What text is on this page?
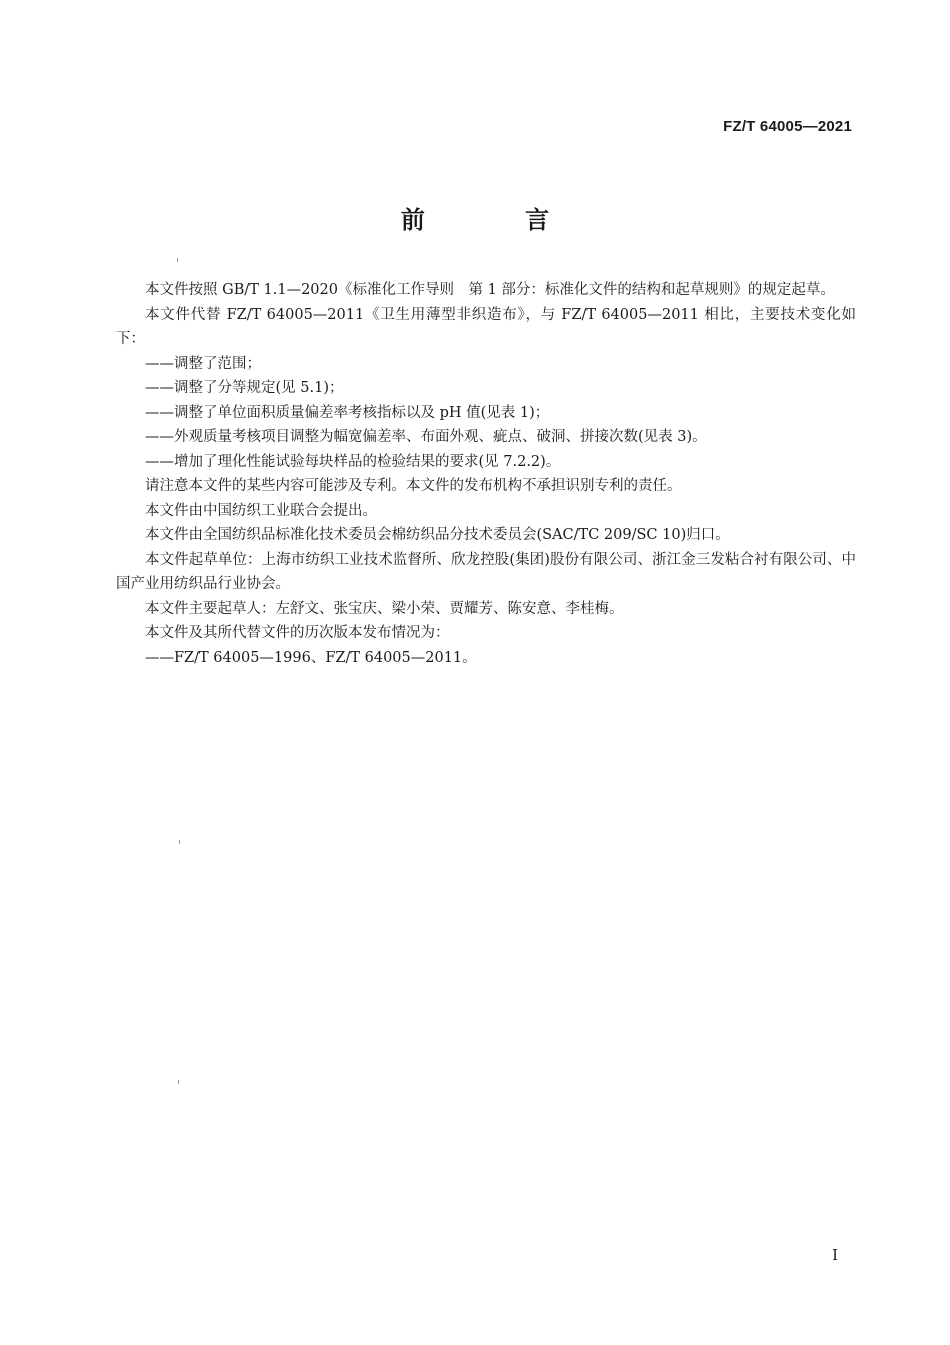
FZ/T 64005—2021
前 言

本文件按照 GB/T 1.1—2020《标准化工作导则　第 1 部分：标准化文件的结构和起草规则》的规定起草。

本文件代替 FZ/T 64005—2011《卫生用薄型非织造布》，与 FZ/T 64005—2011 相比，主要技术变化如下：

——调整了范围；

——调整了分等规定(见 5.1)；

——调整了单位面积质量偏差率考核指标以及 pH 值(见表 1)；

——外观质量考核项目调整为幅宽偏差率、布面外观、疵点、破洞、拼接次数(见表 3)。

——增加了理化性能试验每块样品的检验结果的要求(见 7.2.2)。

请注意本文件的某些内容可能涉及专利。本文件的发布机构不承担识别专利的责任。

本文件由中国纺织工业联合会提出。

本文件由全国纺织品标准化技术委员会棉纺织品分技术委员会(SAC/TC 209/SC 10)归口。

本文件起草单位：上海市纺织工业技术监督所、欣龙控股(集团)股份有限公司、浙江金三发粘合衬有限公司、中国产业用纺织品行业协会。

本文件主要起草人：左舒文、张宝庆、梁小荣、贾耀芳、陈安意、李桂梅。

本文件及其所代替文件的历次版本发布情况为：

——FZ/T 64005—1996、FZ/T 64005—2011。

I
